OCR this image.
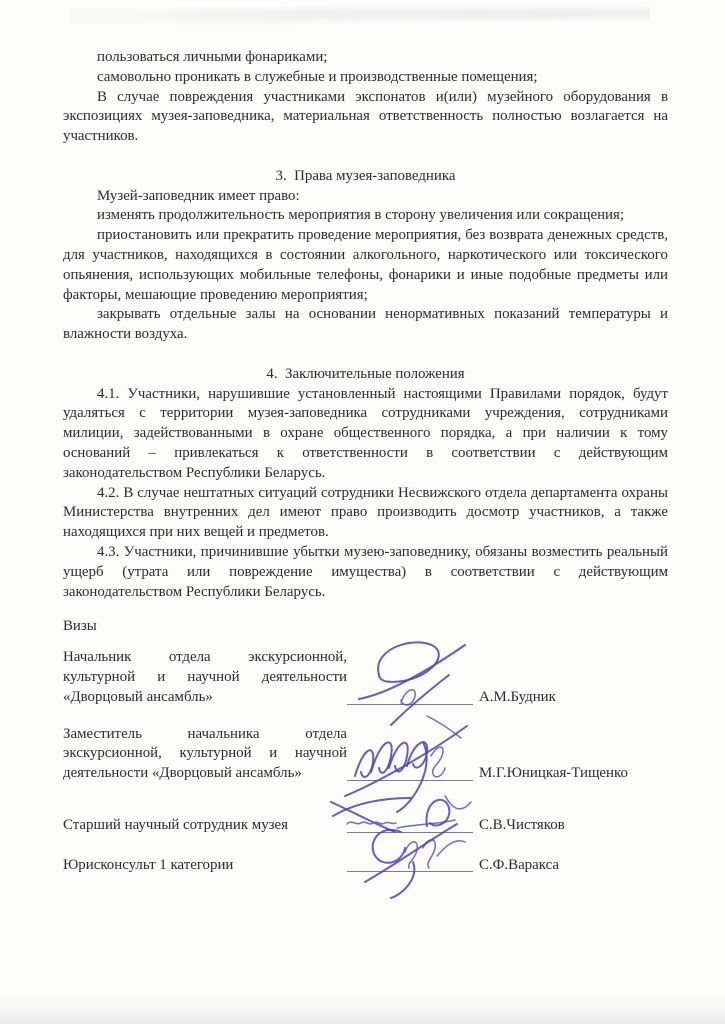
пользоваться личными фонариками;

самовольно проникать в служебные и производственные помещения;

В случае повреждения участниками экспонатов и(или) музейного оборудования в экспозициях музея-заповедника, материальная ответственность полностью возлагается на участников.

3.  Права музея-заповедника

Музей-заповедник имеет право:

изменять продолжительность мероприятия в сторону увеличения или сокращения;

приостановить или прекратить проведение мероприятия, без возврата денежных средств, для участников, находящихся в состоянии алкогольного, наркотического или токсического опьянения, использующих мобильные телефоны, фонарики и иные подобные предметы или факторы, мешающие проведению мероприятия;

закрывать отдельные залы на основании ненормативных показаний температуры и влажности воздуха.

4.  Заключительные положения

4.1. Участники, нарушившие установленный настоящими Правилами порядок, будут удаляться с территории музея-заповедника сотрудниками учреждения, сотрудниками милиции, задействованными в охране общественного порядка, а при наличии к тому оснований – привлекаться к ответственности в соответствии с действующим законодательством Республики Беларусь.

4.2. В случае нештатных ситуаций сотрудники Несвижского отдела департамента охраны Министерства внутренних дел имеют право производить досмотр участников, а также находящихся при них вещей и предметов.

4.3. Участники, причинившие убытки музею-заповеднику, обязаны возместить реальный ущерб (утрата или повреждение имущества) в соответствии с действующим законодательством Республики Беларусь.

Визы

Начальник отдела экскурсионной, культурной и научной деятельности «Дворцовый ансамбль»	А.М.Будник
Заместитель начальника отдела экскурсионной, культурной и научной деятельности «Дворцовый ансамбль»	М.Г.Юницкая-Тищенко
Старший научный сотрудник музея	С.В.Чистяков
Юрисконсульт 1 категории	С.Ф.Варакса
